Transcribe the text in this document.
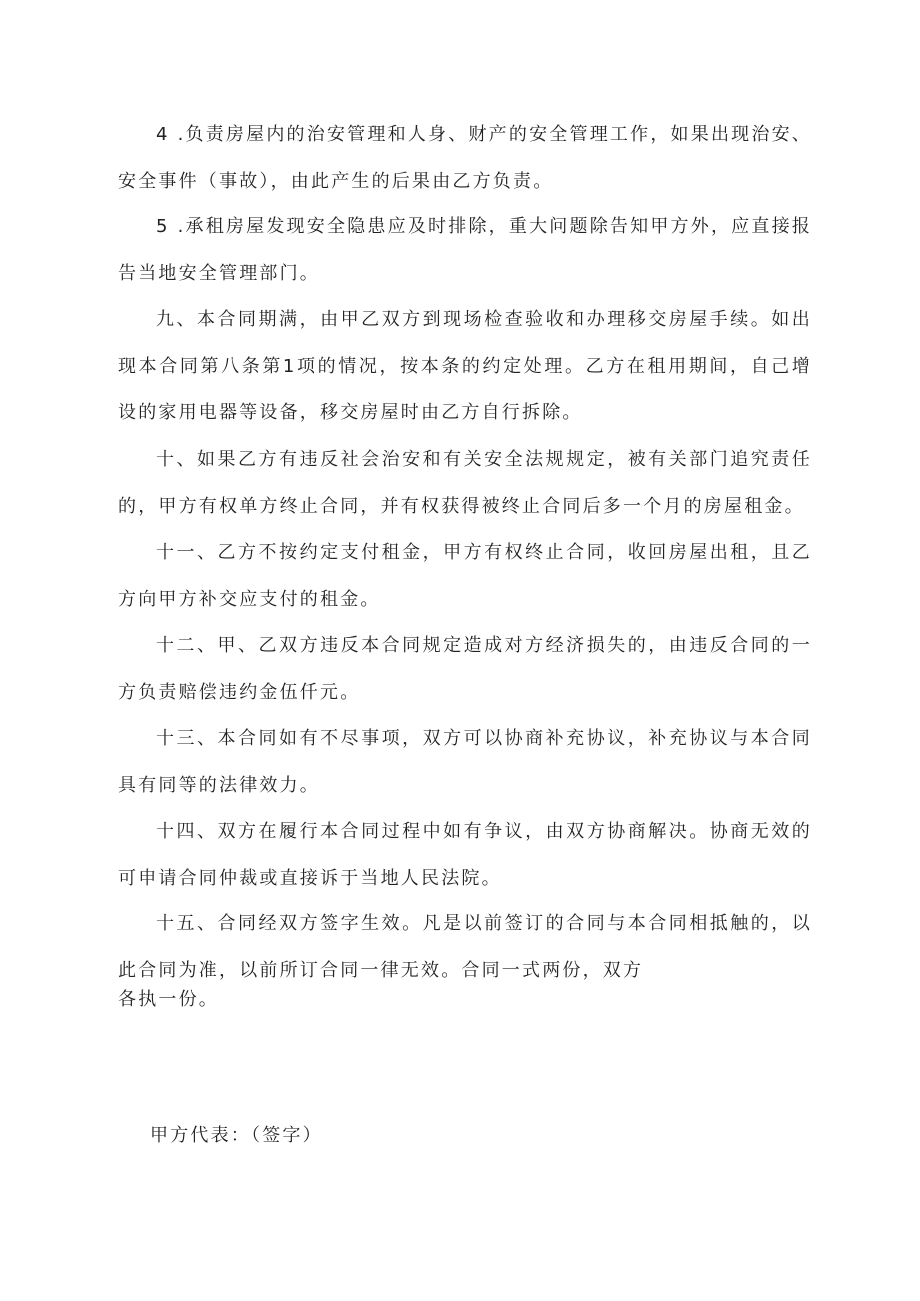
4 .负责房屋内的治安管理和人身、财产的安全管理工作，如果出现治安、安全事件（事故），由此产生的后果由乙方负责。

5 .承租房屋发现安全隐患应及时排除，重大问题除告知甲方外，应直接报告当地安全管理部门。

九、本合同期满，由甲乙双方到现场检查验收和办理移交房屋手续。如出现本合同第八条第1项的情况，按本条的约定处理。乙方在租用期间，自己增设的家用电器等设备，移交房屋时由乙方自行拆除。

十、如果乙方有违反社会治安和有关安全法规规定，被有关部门追究责任的，甲方有权单方终止合同，并有权获得被终止合同后多一个月的房屋租金。

十一、乙方不按约定支付租金，甲方有权终止合同，收回房屋出租，且乙方向甲方补交应支付的租金。

十二、甲、乙双方违反本合同规定造成对方经济损失的，由违反合同的一方负责赔偿违约金伍仟元。

十三、本合同如有不尽事项，双方可以协商补充协议，补充协议与本合同具有同等的法律效力。

十四、双方在履行本合同过程中如有争议，由双方协商解决。协商无效的可申请合同仲裁或直接诉于当地人民法院。

十五、合同经双方签字生效。凡是以前签订的合同与本合同相抵触的，以此合同为准，以前所订合同一律无效。合同一式两份，双方

各执一份。

甲方代表：（签字）
